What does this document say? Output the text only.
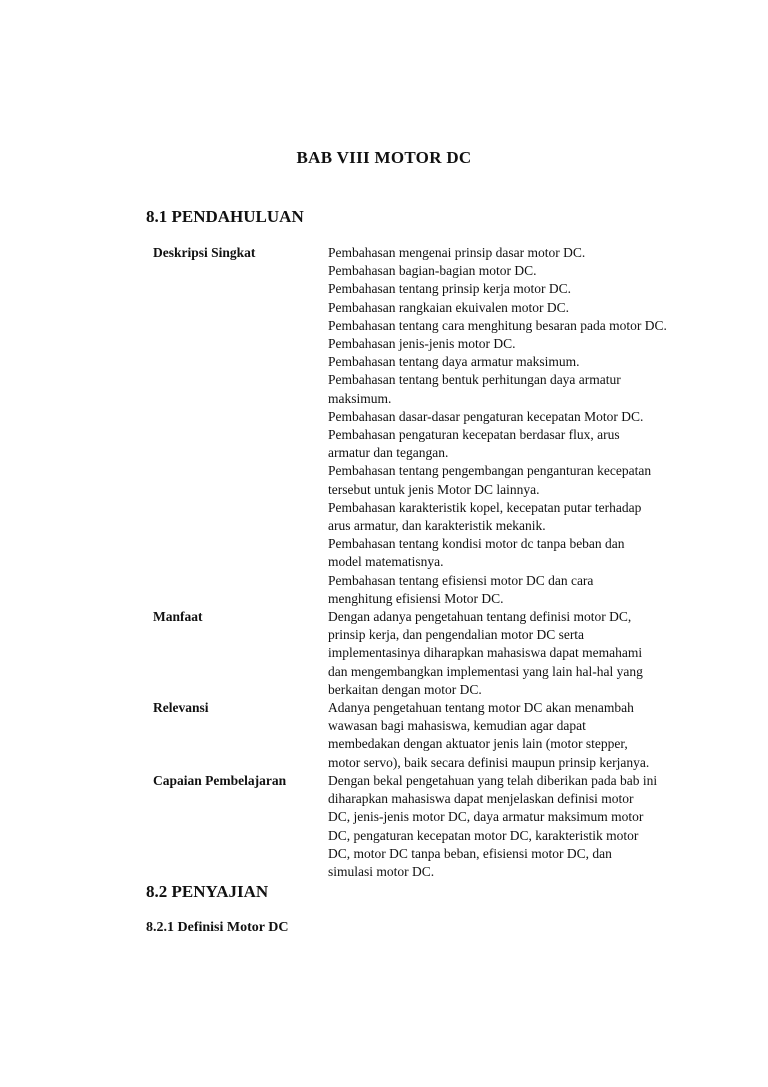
BAB VIII MOTOR DC
8.1 PENDAHULUAN
Deskripsi Singkat	Pembahasan mengenai prinsip dasar motor DC.
Pembahasan bagian-bagian motor DC.
Pembahasan tentang prinsip kerja motor DC.
Pembahasan rangkaian ekuivalen motor DC.
Pembahasan tentang cara menghitung besaran pada motor DC.
Pembahasan jenis-jenis motor DC.
Pembahasan tentang daya armatur maksimum.
Pembahasan tentang bentuk perhitungan daya armatur
maksimum.
Pembahasan dasar-dasar pengaturan kecepatan Motor DC.
Pembahasan pengaturan kecepatan berdasar flux, arus
armatur dan tegangan.
Pembahasan tentang pengembangan penganturan kecepatan
tersebut untuk jenis Motor DC lainnya.
Pembahasan karakteristik kopel, kecepatan putar terhadap
arus armatur, dan karakteristik mekanik.
Pembahasan tentang kondisi motor dc tanpa beban dan
model matematisnya.
Pembahasan tentang efisiensi motor DC dan cara
menghitung efisiensi Motor DC.
Manfaat	Dengan adanya pengetahuan tentang definisi motor DC,
prinsip kerja, dan pengendalian motor DC serta
implementasinya diharapkan mahasiswa dapat memahami
dan mengembangkan implementasi yang lain hal-hal yang
berkaitan dengan motor DC.
Relevansi	Adanya pengetahuan tentang motor DC akan menambah
wawasan bagi mahasiswa, kemudian agar dapat
membedakan dengan aktuator jenis lain (motor stepper,
motor servo), baik secara definisi maupun prinsip kerjanya.
Capaian Pembelajaran	Dengan bekal pengetahuan yang telah diberikan pada bab ini
diharapkan mahasiswa dapat menjelaskan definisi motor
DC, jenis-jenis motor DC, daya armatur maksimum motor
DC, pengaturan kecepatan motor DC, karakteristik motor
DC, motor DC tanpa beban, efisiensi motor DC, dan
simulasi motor DC.
8.2 PENYAJIAN
8.2.1 Definisi Motor DC
